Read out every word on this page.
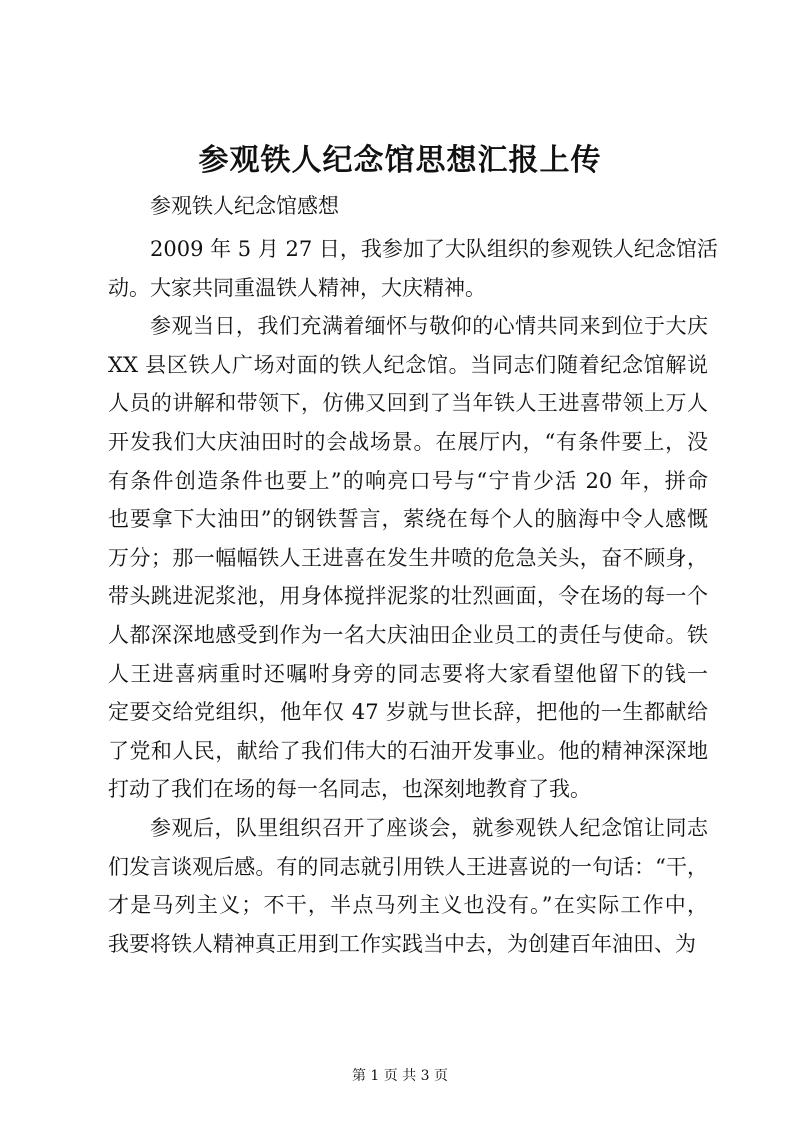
参观铁人纪念馆思想汇报上传

参观铁人纪念馆感想

2009 年 5 月 27 日，我参加了大队组织的参观铁人纪念馆活

动。大家共同重温铁人精神，大庆精神。

参观当日，我们充满着缅怀与敬仰的心情共同来到位于大庆

XX 县区铁人广场对面的铁人纪念馆。当同志们随着纪念馆解说

人员的讲解和带领下，仿佛又回到了当年铁人王进喜带领上万人

开发我们大庆油田时的会战场景。在展厅内，“有条件要上，没

有条件创造条件也要上”的响亮口号与“宁肯少活 20 年，拼命

也要拿下大油田”的钢铁誓言，萦绕在每个人的脑海中令人感慨

万分；那一幅幅铁人王进喜在发生井喷的危急关头，奋不顾身，

带头跳进泥浆池，用身体搅拌泥浆的壮烈画面，令在场的每一个

人都深深地感受到作为一名大庆油田企业员工的责任与使命。铁

人王进喜病重时还嘱咐身旁的同志要将大家看望他留下的钱一

定要交给党组织，他年仅 47 岁就与世长辞，把他的一生都献给

了党和人民，献给了我们伟大的石油开发事业。他的精神深深地

打动了我们在场的每一名同志，也深刻地教育了我。

参观后，队里组织召开了座谈会，就参观铁人纪念馆让同志

们发言谈观后感。有的同志就引用铁人王进喜说的一句话：“干，

才是马列主义；不干，半点马列主义也没有。”在实际工作中，

我要将铁人精神真正用到工作实践当中去，为创建百年油田、为

第 1 页 共 3 页
